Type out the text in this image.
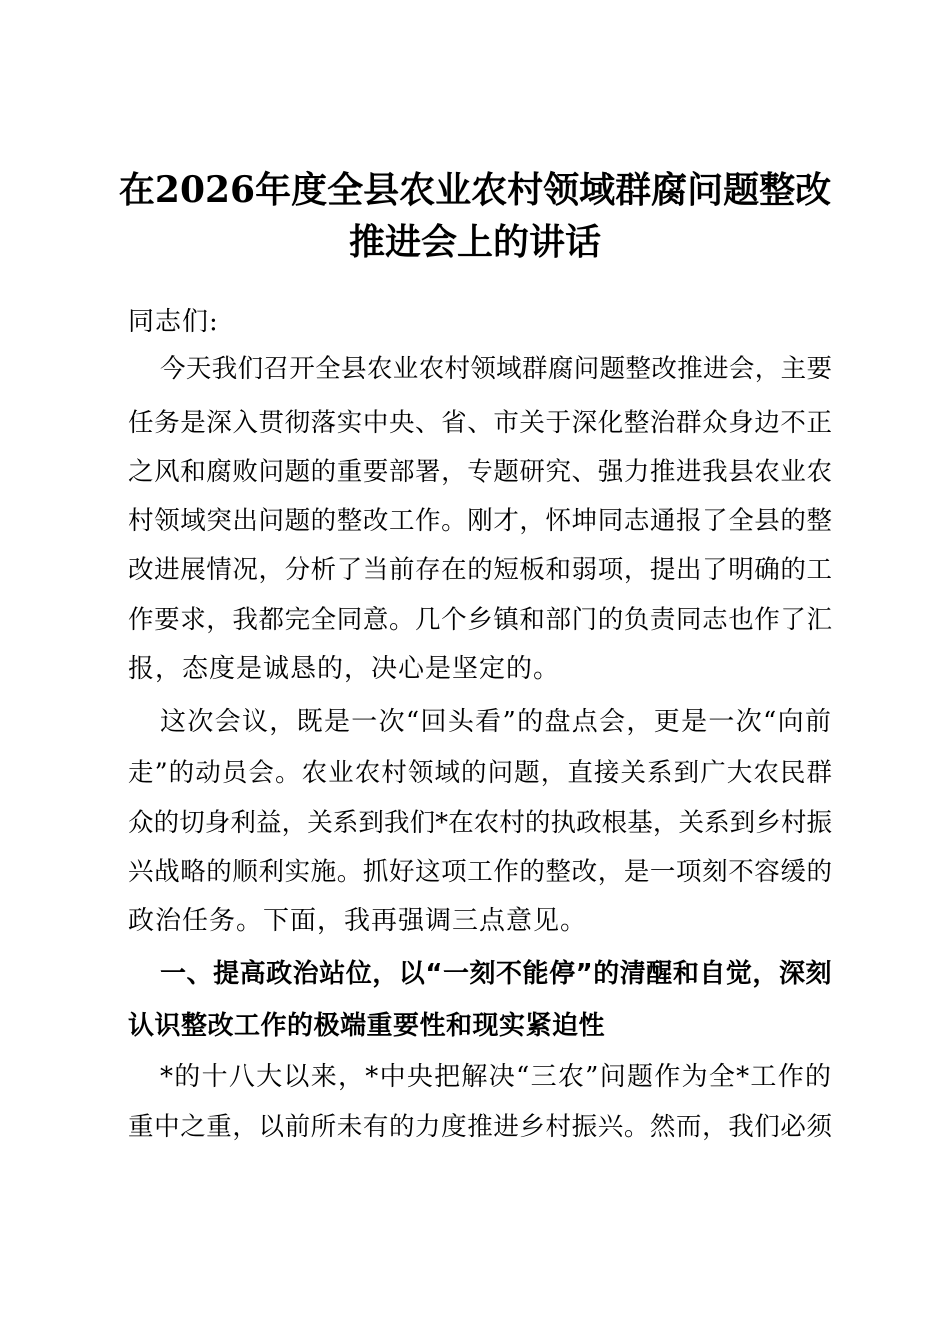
在2026年度全县农业农村领域群腐问题整改
推进会上的讲话
同志们:
今天我们召开全县农业农村领域群腐问题整改推进会，主要
任务是深入贯彻落实中央、省、市关于深化整治群众身边不正
之风和腐败问题的重要部署，专题研究、强力推进我县农业农
村领域突出问题的整改工作。刚才，怀坤同志通报了全县的整
改进展情况，分析了当前存在的短板和弱项，提出了明确的工
作要求，我都完全同意。几个乡镇和部门的负责同志也作了汇
报，态度是诚恳的，决心是坚定的。
这次会议，既是一次“回头看”的盘点会，更是一次“向前
走”的动员会。农业农村领域的问题，直接关系到广大农民群
众的切身利益，关系到我们*在农村的执政根基，关系到乡村振
兴战略的顺利实施。抓好这项工作的整改，是一项刻不容缓的
政治任务。下面，我再强调三点意见。
一、提高政治站位，以“一刻不能停”的清醒和自觉，深刻
认识整改工作的极端重要性和现实紧迫性
*的十八大以来，*中央把解决“三农”问题作为全*工作的
重中之重，以前所未有的力度推进乡村振兴。然而，我们必须
